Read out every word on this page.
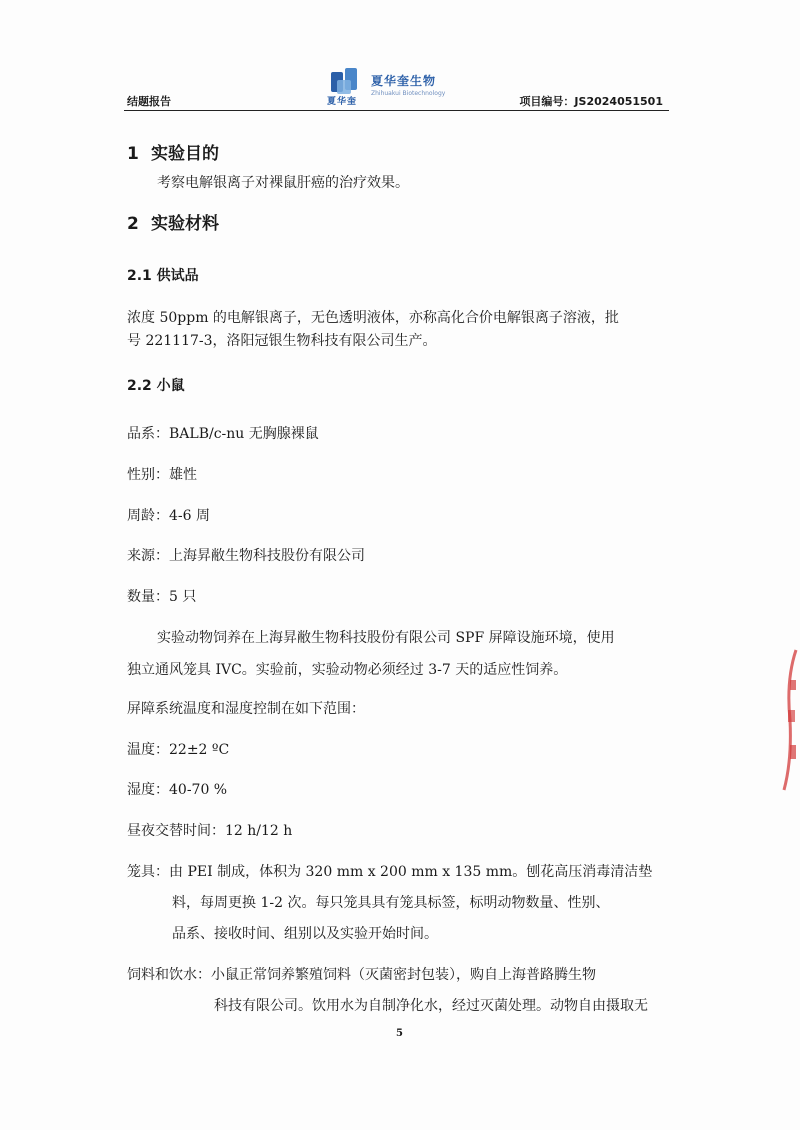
结题报告
夏华奎生物
Zhihuakui Biotechnology
夏华奎	项目编号：JS2024051501
1 实验目的
考察电解银离子对裸鼠肝癌的治疗效果。
2 实验材料
2.1 供试品
浓度 50ppm 的电解银离子，无色透明液体，亦称高化合价电解银离子溶液，批
号 221117-3，洛阳冠银生物科技有限公司生产。
2.2 小鼠
品系：BALB/c-nu 无胸腺裸鼠
性别：雄性
周龄：4-6 周
来源：上海昇敝生物科技股份有限公司
数量：5 只
实验动物饲养在上海昇敝生物科技股份有限公司 SPF 屏障设施环境，使用
独立通风笼具 IVC。实验前，实验动物必须经过 3-7 天的适应性饲养。
屏障系统温度和湿度控制在如下范围：
温度：22±2 ºC
湿度：40-70 %
昼夜交替时间：12 h/12 h
笼具：由 PEI 制成，体积为 320 mm x 200 mm x 135 mm。刨花高压消毒清洁垫
料，每周更换 1-2 次。每只笼具具有笼具标签，标明动物数量、性别、
品系、接收时间、组别以及实验开始时间。
饲料和饮水：小鼠正常饲养繁殖饲料（灭菌密封包装），购自上海普路腾生物
科技有限公司。饮用水为自制净化水，经过灭菌处理。动物自由摄取无
5
